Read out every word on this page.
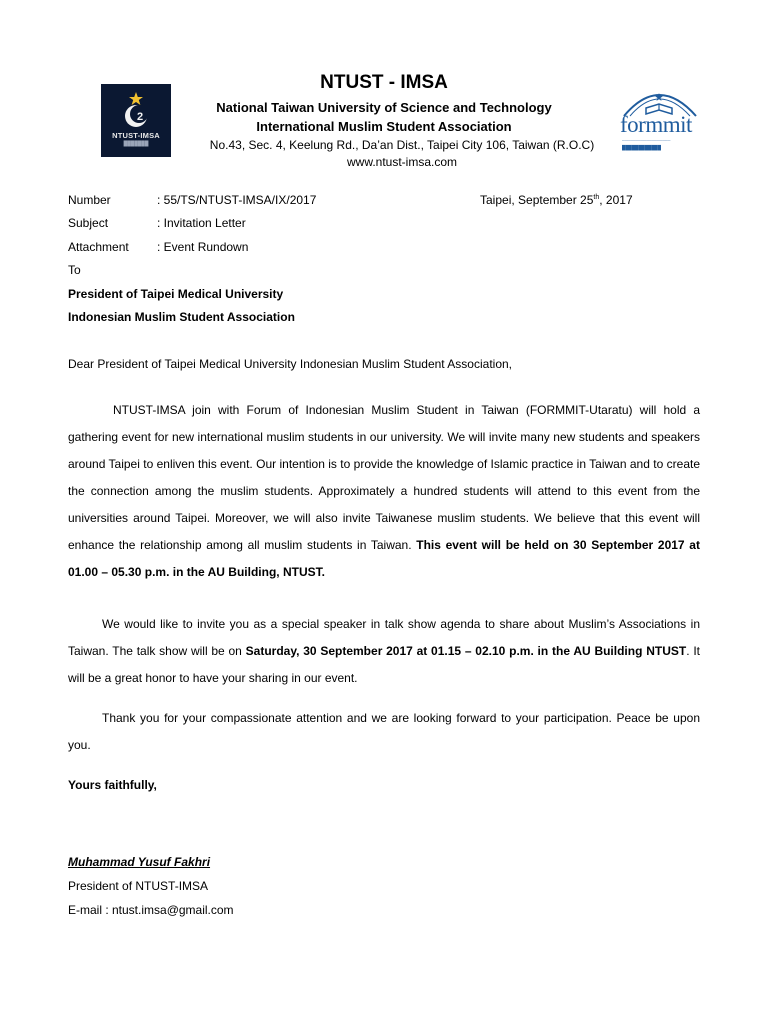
2
NTUST-IMSA
███████
formmit
──────────────────
████████████
NTUST - IMSA
National Taiwan University of Science and Technology
International Muslim Student Association
No.43, Sec. 4, Keelung Rd., Da’an Dist., Taipei City 106, Taiwan (R.O.C)
www.ntust-imsa.com
Number	: 55/TS/NTUST-IMSA/IX/2017	Taipei, September 25th, 2017
Subject	: Invitation Letter
Attachment : Event Rundown
To
President of Taipei Medical University
Indonesian Muslim Student Association
Dear President of Taipei Medical University Indonesian Muslim Student Association,
NTUST-IMSA join with Forum of Indonesian Muslim Student in Taiwan (FORMMIT-Utaratu) will hold a gathering event for new international muslim students in our university. We will invite many new students and speakers around Taipei to enliven this event. Our intention is to provide the knowledge of Islamic practice in Taiwan and to create the connection among the muslim students. Approximately a hundred students will attend to this event from the universities around Taipei. Moreover, we will also invite Taiwanese muslim students. We believe that this event will enhance the relationship among all muslim students in Taiwan. This event will be held on 30 September 2017 at 01.00 – 05.30 p.m. in the AU Building, NTUST.
We would like to invite you as a special speaker in talk show agenda to share about Muslim’s Associations in Taiwan. The talk show will be on Saturday, 30 September 2017 at 01.15 – 02.10 p.m. in the AU Building NTUST. It will be a great honor to have your sharing in our event.
Thank you for your compassionate attention and we are looking forward to your participation. Peace be upon you.
Yours faithfully,
Muhammad Yusuf Fakhri
President of NTUST-IMSA
E-mail : ntust.imsa@gmail.com
